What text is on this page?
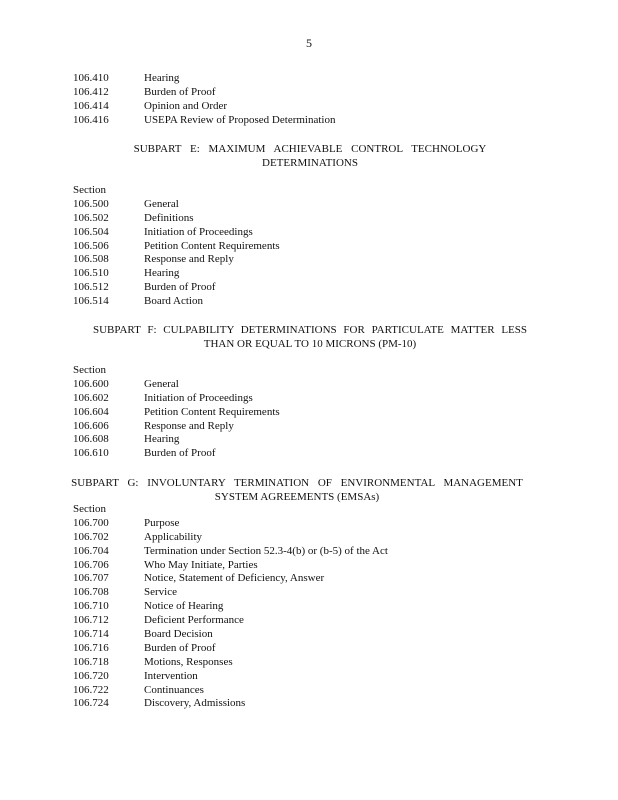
5
106.410	Hearing
106.412	Burden of Proof
106.414	Opinion and Order
106.416	USEPA Review of Proposed Determination
SUBPART E: MAXIMUM ACHIEVABLE CONTROL TECHNOLOGY
DETERMINATIONS
Section
106.500	General
106.502	Definitions
106.504	Initiation of Proceedings
106.506	Petition Content Requirements
106.508	Response and Reply
106.510	Hearing
106.512	Burden of Proof
106.514	Board Action
SUBPART F: CULPABILITY DETERMINATIONS FOR PARTICULATE MATTER LESS
THAN OR EQUAL TO 10 MICRONS (PM-10)
Section
106.600	General
106.602	Initiation of Proceedings
106.604	Petition Content Requirements
106.606	Response and Reply
106.608	Hearing
106.610	Burden of Proof
SUBPART G: INVOLUNTARY TERMINATION OF ENVIRONMENTAL MANAGEMENT
SYSTEM AGREEMENTS (EMSAs)
Section
106.700	Purpose
106.702	Applicability
106.704	Termination under Section 52.3-4(b) or (b-5) of the Act
106.706	Who May Initiate, Parties
106.707	Notice, Statement of Deficiency, Answer
106.708	Service
106.710	Notice of Hearing
106.712	Deficient Performance
106.714	Board Decision
106.716	Burden of Proof
106.718	Motions, Responses
106.720	Intervention
106.722	Continuances
106.724	Discovery, Admissions
